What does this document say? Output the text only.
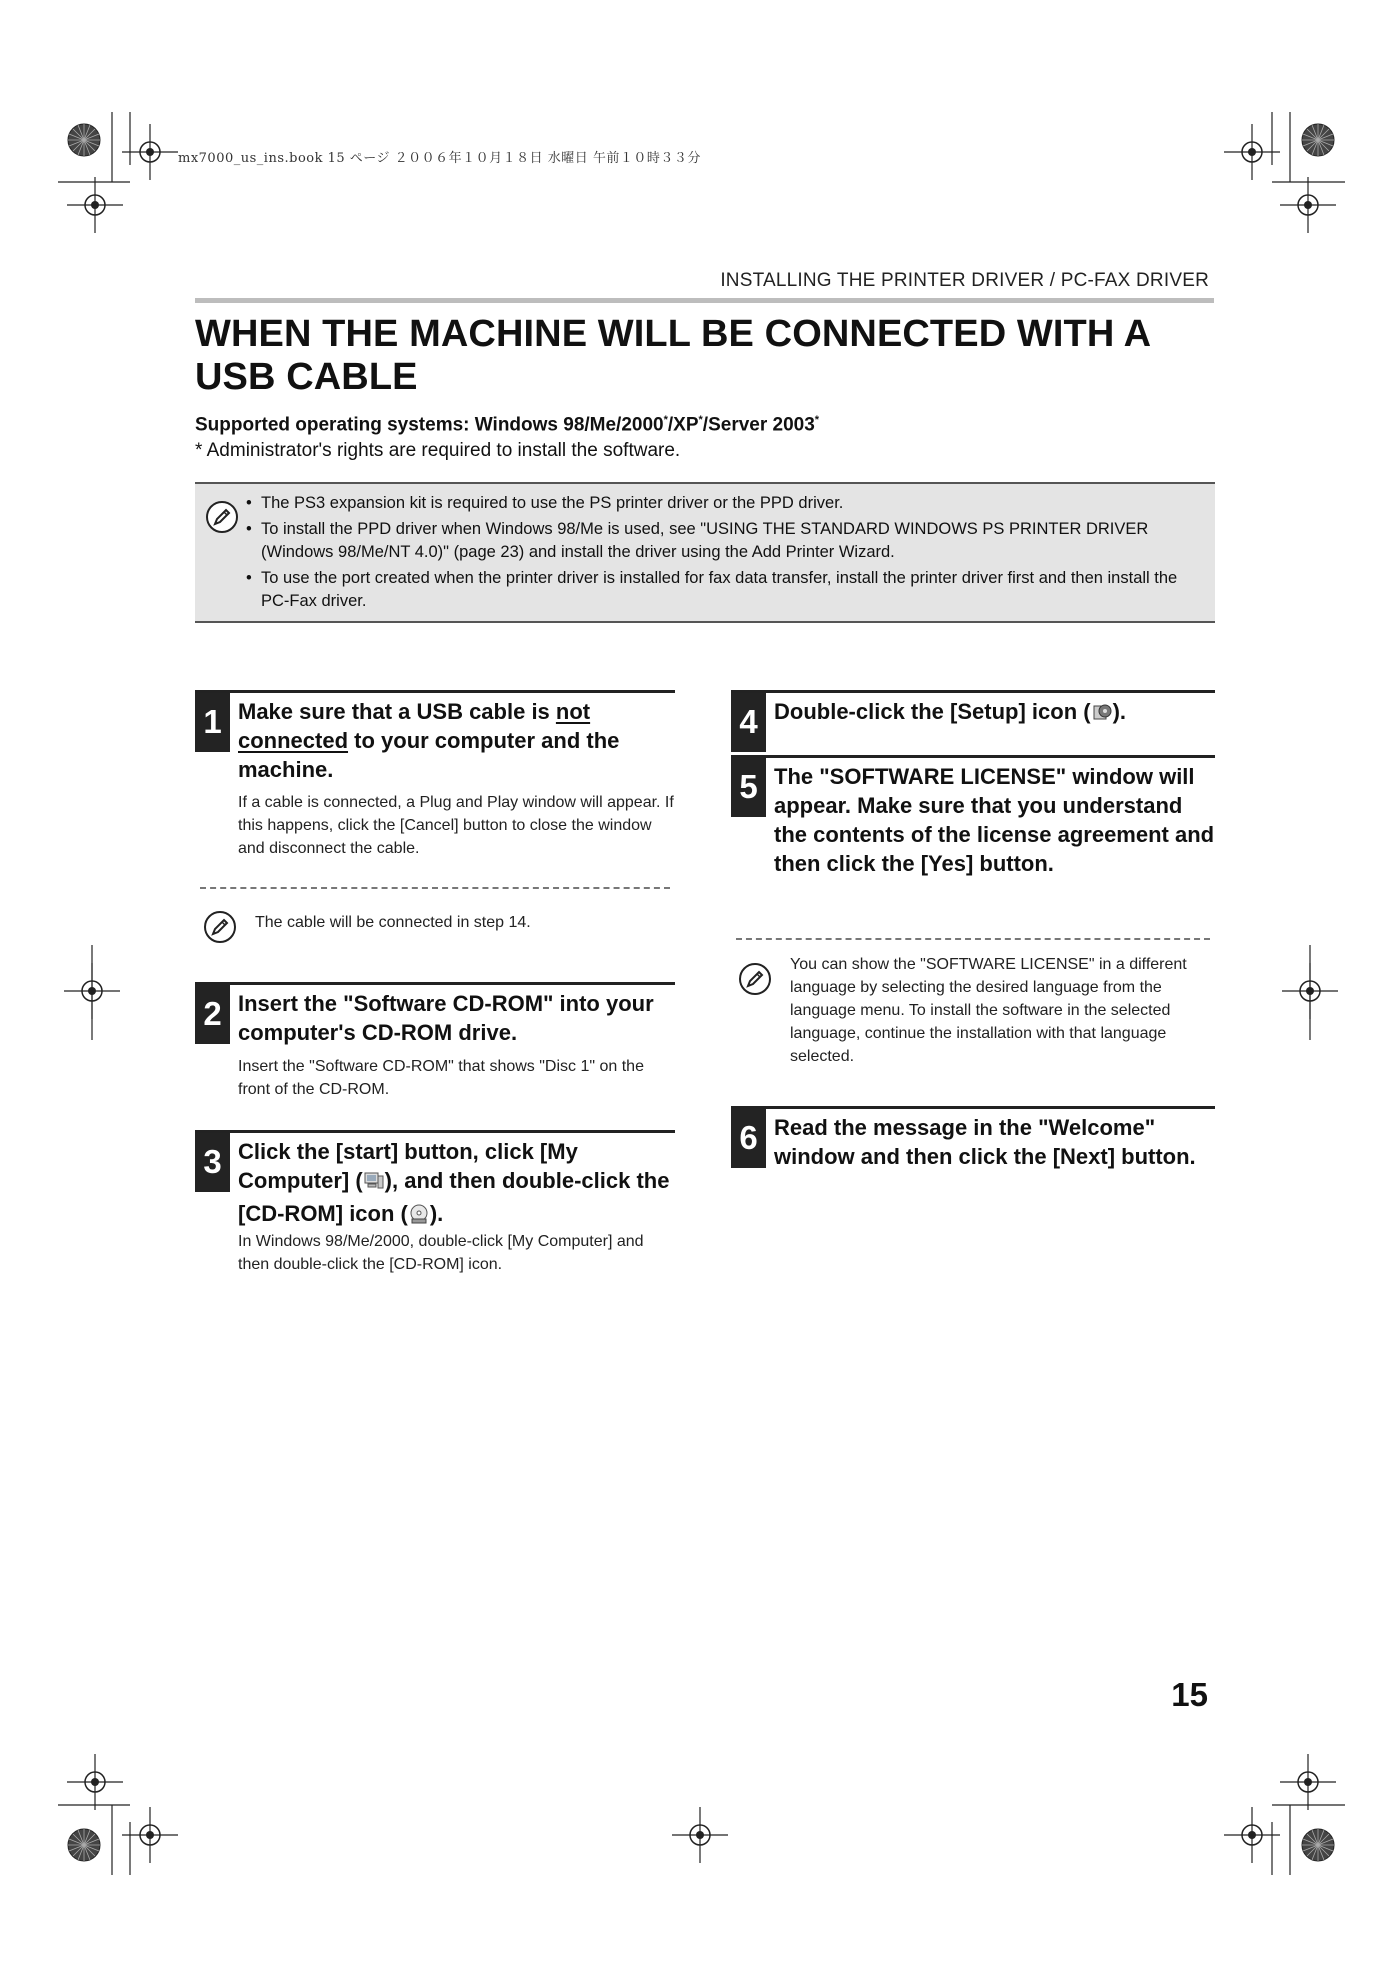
mx7000_us_ins.book 15 ページ ２００６年１０月１８日 水曜日 午前１０時３３分
INSTALLING THE PRINTER DRIVER / PC-FAX DRIVER
WHEN THE MACHINE WILL BE CONNECTED WITH A USB CABLE
Supported operating systems: Windows 98/Me/2000*/XP*/Server 2003*
* Administrator's rights are required to install the software.
• The PS3 expansion kit is required to use the PS printer driver or the PPD driver.
• To install the PPD driver when Windows 98/Me is used, see "USING THE STANDARD WINDOWS PS PRINTER DRIVER (Windows 98/Me/NT 4.0)" (page 23) and install the driver using the Add Printer Wizard.
• To use the port created when the printer driver is installed for fax data transfer, install the printer driver first and then install the PC-Fax driver.
1 Make sure that a USB cable is not connected to your computer and the machine.
If a cable is connected, a Plug and Play window will appear. If this happens, click the [Cancel] button to close the window and disconnect the cable.
The cable will be connected in step 14.
2 Insert the "Software CD-ROM" into your computer's CD-ROM drive.
Insert the "Software CD-ROM" that shows "Disc 1" on the front of the CD-ROM.
3 Click the [start] button, click [My Computer] ( ), and then double-click the [CD-ROM] icon ( ).
In Windows 98/Me/2000, double-click [My Computer] and then double-click the [CD-ROM] icon.
4 Double-click the [Setup] icon ( ).
5 The "SOFTWARE LICENSE" window will appear. Make sure that you understand the contents of the license agreement and then click the [Yes] button.
You can show the "SOFTWARE LICENSE" in a different language by selecting the desired language from the language menu. To install the software in the selected language, continue the installation with that language selected.
6 Read the message in the "Welcome" window and then click the [Next] button.
15
